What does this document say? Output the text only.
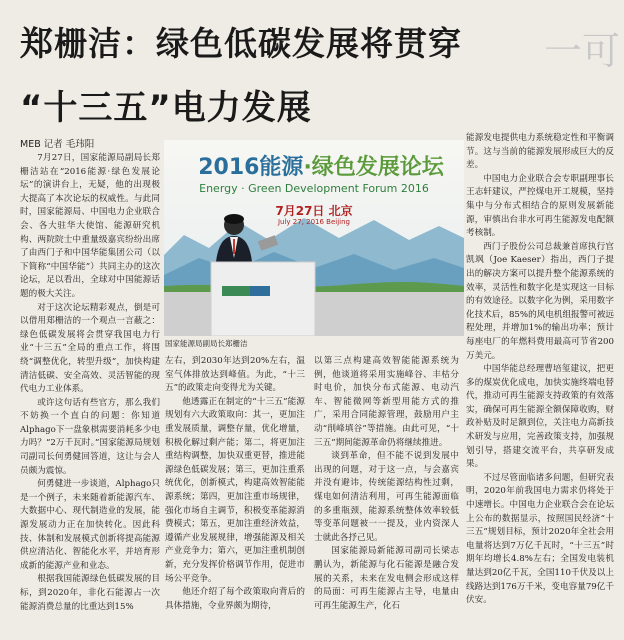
郑栅洁：绿色低碳发展将贯穿
“十三五”电力发展
一可
MEB 记者 毛玮阳

7月27日，国家能源局副局长郑栅洁站在“2016能源·绿色发展论坛”的演讲台上，无疑，他的出现极大提高了本次论坛的权威性。与此同时，国家能源局、中国电力企业联合会、各大驻华大使馆、能源研究机构、两院院士中重量级嘉宾纷纷出席了由西门子和中国华能集团公司（以下简称“中国华能”）共同主办的这次论坛，足以看出，全球对中国能源话题的极大关注。

对于这次论坛精彩观点，倒是可以借用郑栅洁的一个观点一言蔽之：绿色低碳发展将会贯穿我国电力行业“十三五”全局的重点工作，将围绕“调整优化，转型升级”，加快构建清洁低碳、安全高效、灵活智能的现代电力工业体系。

或许这句话有些官方，那么我们不妨换一个直白的问题：你知道Alphago下一盘象棋需要消耗多少电力吗？“2万千瓦时。”国家能源局规划司副司长何勇健回答道，这让与会人员颇为震惊。

何勇健进一步谈道，Alphago只是一个例子，未来随着新能源汽车、大数据中心、现代制造业的发展，能源发展动力正在加快转化。因此科技、体制和发展模式创新将提高能源供应清洁化、智能化水平，并培育形成新的能源产业和业态。

根据我国能源绿色低碳发展的目标，到2020年，非化石能源占一次能源消费总量的比重达到15%

2016能源·绿色发展论坛
Energy · Green Development Forum 2016
7月27日 北京
July 27, 2016 Beijing
国家能源局副局长郑栅洁

左右，到2030年达到20%左右，温室气体排放达到峰值。为此，“十三五”的政策走向变得尤为关键。

他透露正在制定的“十三五”能源规划有六大政策取向：其一，更加注重发展质量，调整存量，优化增量，积极化解过剩产能；第二，将更加注重结构调整，加快双重更替，推进能源绿色低碳发展；第三，更加注重系统优化，创新模式，构建高效智能能源系统；第四，更加注重市场规律，强化市场自主调节，积极变革能源消费模式；第五，更加注重经济效益，遵循产业发展规律，增强能源及相关产业竞争力；第六，更加注重机制创新，充分发挥价格调节作用，促进市场公平竞争。

他还介绍了每个政策取向背后的具体措施，令业界颇为期待，

以第三点构建高效智能能源系统为例，他谈道将采用实施峰谷、丰枯分时电价，加快分布式能源、电动汽车、智能微网等新型用能方式的推广，采用合同能源管理，鼓励用户主动“削峰填谷”等措施。由此可见，“十三五”期间能源革命仍将继续推进。

谈到革命，但不能不说到发展中出现的问题，对于这一点，与会嘉宾并没有避讳，传统能源结构性过剩，煤电如何清洁利用，可再生能源面临的多重瓶颈，能源系统整体效率较低等变革问题被一一提及，业内资深人士就此各抒己见。

国家能源局新能源司副司长梁志鹏认为，新能源与化石能源是融合发展的关系，未来在发电侧会形成这样的局面：可再生能源占主导，电量由可再生能源生产，化石

能源发电提供电力系统稳定性和平衡调节。这与当前的能源发展形成巨大的反差。

中国电力企业联合会专职副理事长王志轩建议，严控煤电开工规模，坚持集中与分布式相结合的原则发展新能源，审慎出台非水可再生能源发电配额考核制。

西门子股份公司总裁兼首席执行官凯飒（Joe Kaeser）指出，西门子提出的解决方案可以提升整个能源系统的效率，灵活性和数字化是实现这一目标的有效途径。以数字化为例，采用数字化技术后，85%的风电机组报警可被远程处理，并增加1%的输出功率；预计每座电厂的年燃料费用最高可节省200万美元。

中国华能总经理曹培玺建议，把更多的煤炭优化成电，加快实施终端电替代，推动可再生能源支持政策的有效落实，确保可再生能源全额保障收购，财政补贴及时足额到位，关注电力高新技术研发与应用，完善政策支持，加强规划引导，搭建交流平台，共享研发成果。

不过尽管面临诸多问题，但研究表明，2020年前我国电力需求仍将处于中速增长。中国电力企业联合会在论坛上公布的数据显示，按照国民经济“十三五”规划目标，预计2020年全社会用电量将达到7万亿千瓦时，“十三五”时期年均增长4.8%左右；全国发电装机量达到20亿千瓦，全国110千伏及以上线路达到176万千米，变电容量79亿千伏安。
